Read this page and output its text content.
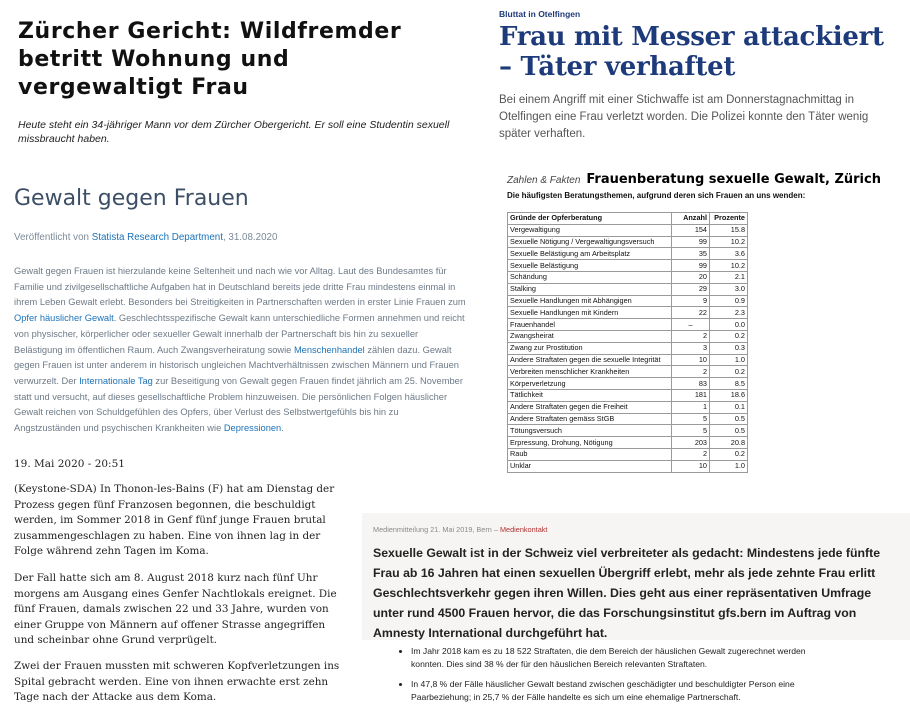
Zürcher Gericht: Wildfremder betritt Wohnung und vergewaltigt Frau
Heute steht ein 34-jähriger Mann vor dem Zürcher Obergericht. Er soll eine Studentin sexuell missbraucht haben.
Bluttat in Otelfingen
Frau mit Messer attackiert – Täter verhaftet
Bei einem Angriff mit einer Stichwaffe ist am Donnerstagnachmittag in Otelfingen eine Frau verletzt worden. Die Polizei konnte den Täter wenig später verhaften.
Gewalt gegen Frauen
Veröffentlicht von Statista Research Department, 31.08.2020
Gewalt gegen Frauen ist hierzulande keine Seltenheit und nach wie vor Alltag. Laut des Bundesamtes für Familie und zivilgesellschaftliche Aufgaben hat in Deutschland bereits jede dritte Frau mindestens einmal in ihrem Leben Gewalt erlebt. Besonders bei Streitigkeiten in Partnerschaften werden in erster Linie Frauen zum Opfer häuslicher Gewalt. Geschlechtsspezifische Gewalt kann unterschiedliche Formen annehmen und reicht von physischer, körperlicher oder sexueller Gewalt innerhalb der Partnerschaft bis hin zu sexueller Belästigung im öffentlichen Raum. Auch Zwangsverheiratung sowie Menschenhandel zählen dazu. Gewalt gegen Frauen ist unter anderem in historisch ungleichen Machtverhältnissen zwischen Männern und Frauen verwurzelt. Der Internationale Tag zur Beseitigung von Gewalt gegen Frauen findet jährlich am 25. November statt und versucht, auf dieses gesellschaftliche Problem hinzuweisen. Die persönlichen Folgen häuslicher Gewalt reichen von Schuldgefühlen des Opfers, über Verlust des Selbstwertgefühls bis hin zu Angstzuständen und psychischen Krankheiten wie Depressionen.
19. Mai 2020 - 20:51
(Keystone-SDA) In Thonon-les-Bains (F) hat am Dienstag der Prozess gegen fünf Franzosen begonnen, die beschuldigt werden, im Sommer 2018 in Genf fünf junge Frauen brutal zusammengeschlagen zu haben. Eine von ihnen lag in der Folge während zehn Tagen im Koma.
Der Fall hatte sich am 8. August 2018 kurz nach fünf Uhr morgens am Ausgang eines Genfer Nachtlokals ereignet. Die fünf Frauen, damals zwischen 22 und 33 Jahre, wurden von einer Gruppe von Männern auf offener Strasse angegriffen und scheinbar ohne Grund verprügelt.
Zwei der Frauen mussten mit schweren Kopfverletzungen ins Spital gebracht werden. Eine von ihnen erwachte erst zehn Tage nach der Attacke aus dem Koma.
Zahlen & Fakten Frauenberatung sexuelle Gewalt, Zürich
Die häufigsten Beratungsthemen, aufgrund deren sich Frauen an uns wenden:
Gründe der Opferberatung	Anzahl	Prozente
Vergewaltigung	154	15.8
Sexuelle Nötigung / Vergewaltigungsversuch	99	10.2
Sexuelle Belästigung am Arbeitsplatz	35	3.6
Sexuelle Belästigung	99	10.2
Schändung	20	2.1
Stalking	29	3.0
Sexuelle Handlungen mit Abhängigen	9	0.9
Sexuelle Handlungen mit Kindern	22	2.3
Frauenhandel	–	0.0
Zwangsheirat	2	0.2
Zwang zur Prostitution	3	0.3
Andere Straftaten gegen die sexuelle Integrität	10	1.0
Verbreiten menschlicher Krankheiten	2	0.2
Körperverletzung	83	8.5
Tätlichkeit	181	18.6
Andere Straftaten gegen die Freiheit	1	0.1
Andere Straftaten gemäss StGB	5	0.5
Tötungsversuch	5	0.5
Erpressung, Drohung, Nötigung	203	20.8
Raub	2	0.2
Unklar	10	1.0
Medienmitteilung 21. Mai 2019, Bern – Medienkontakt
Sexuelle Gewalt ist in der Schweiz viel verbreiteter als gedacht: Mindestens jede fünfte Frau ab 16 Jahren hat einen sexuellen Übergriff erlebt, mehr als jede zehnte Frau erlitt Geschlechtsverkehr gegen ihren Willen. Dies geht aus einer repräsentativen Umfrage unter rund 4500 Frauen hervor, die das Forschungsinstitut gfs.bern im Auftrag von Amnesty International durchgeführt hat.
• Im Jahr 2018 kam es zu 18 522 Straftaten, die dem Bereich der häuslichen Gewalt zugerechnet werden konnten. Dies sind 38 % der für den häuslichen Bereich relevanten Straftaten.
• In 47,8 % der Fälle häuslicher Gewalt bestand zwischen geschädigter und beschuldigter Person eine Paarbeziehung; in 25,7 % der Fälle handelte es sich um eine ehemalige Partnerschaft.
